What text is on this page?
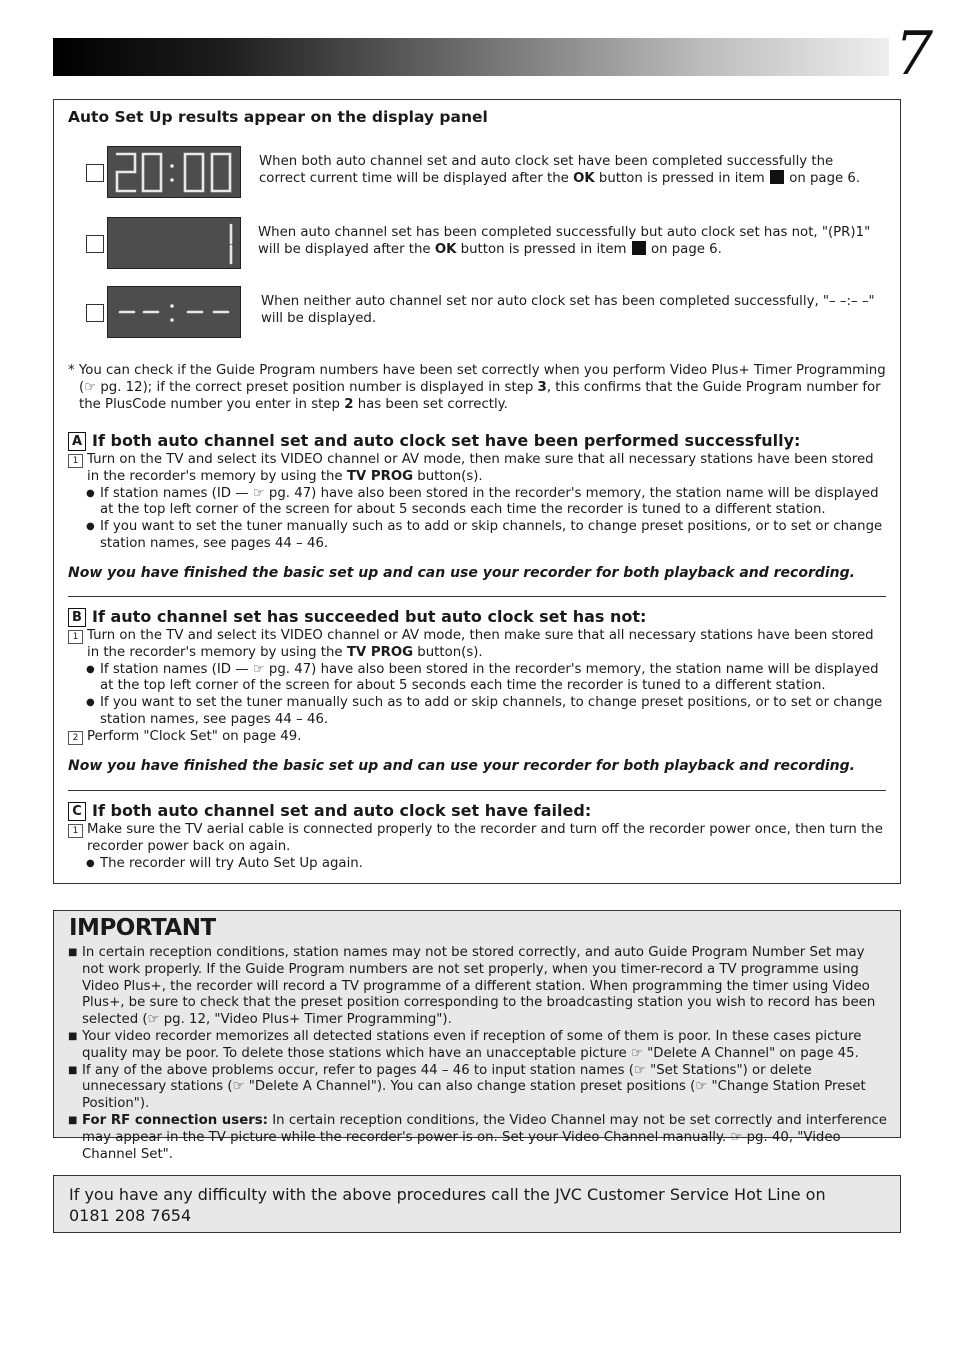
7
Auto Set Up results appear on the display panel
When both auto channel set and auto clock set have been completed successfully the correct current time will be displayed after the OK button is pressed in item  on page 6.
When auto channel set has been completed successfully but auto clock set has not, "(PR)1" will be displayed after the OK button is pressed in item  on page 6.
When neither auto channel set nor auto clock set has been completed successfully, "– –:– –" will be displayed.
* You can check if the Guide Program numbers have been set correctly when you perform Video Plus+ Timer Programming (☞ pg. 12); if the correct preset position number is displayed in step 3, this confirms that the Guide Program number for the PlusCode number you enter in step 2 has been set correctly.
A If both auto channel set and auto clock set have been performed successfully:
1 Turn on the TV and select its VIDEO channel or AV mode, then make sure that all necessary stations have been stored in the recorder's memory by using the TV PROG button(s).
● If station names (ID — ☞ pg. 47) have also been stored in the recorder's memory, the station name will be displayed at the top left corner of the screen for about 5 seconds each time the recorder is tuned to a different station.
● If you want to set the tuner manually such as to add or skip channels, to change preset positions, or to set or change station names, see pages 44 – 46.
Now you have finished the basic set up and can use your recorder for both playback and recording.
B If auto channel set has succeeded but auto clock set has not:
1 Turn on the TV and select its VIDEO channel or AV mode, then make sure that all necessary stations have been stored in the recorder's memory by using the TV PROG button(s).
● If station names (ID — ☞ pg. 47) have also been stored in the recorder's memory, the station name will be displayed at the top left corner of the screen for about 5 seconds each time the recorder is tuned to a different station.
● If you want to set the tuner manually such as to add or skip channels, to change preset positions, or to set or change station names, see pages 44 – 46.
2 Perform "Clock Set" on page 49.
Now you have finished the basic set up and can use your recorder for both playback and recording.
C If both auto channel set and auto clock set have failed:
1 Make sure the TV aerial cable is connected properly to the recorder and turn off the recorder power once, then turn the recorder power back on again.
● The recorder will try Auto Set Up again.
IMPORTANT
■ In certain reception conditions, station names may not be stored correctly, and auto Guide Program Number Set may not work properly. If the Guide Program numbers are not set properly, when you timer-record a TV programme using Video Plus+, the recorder will record a TV programme of a different station. When programming the timer using Video Plus+, be sure to check that the preset position corresponding to the broadcasting station you wish to record has been selected (☞ pg. 12, "Video Plus+ Timer Programming").
■ Your video recorder memorizes all detected stations even if reception of some of them is poor. In these cases picture quality may be poor. To delete those stations which have an unacceptable picture ☞ "Delete A Channel" on page 45.
■ If any of the above problems occur, refer to pages 44 – 46 to input station names (☞ "Set Stations") or delete unnecessary stations (☞ "Delete A Channel"). You can also change station preset positions (☞ "Change Station Preset Position").
■ For RF connection users: In certain reception conditions, the Video Channel may not be set correctly and interference may appear in the TV picture while the recorder's power is on. Set your Video Channel manually. ☞ pg. 40, "Video Channel Set".
If you have any difficulty with the above procedures call the JVC Customer Service Hot Line on 0181 208 7654
